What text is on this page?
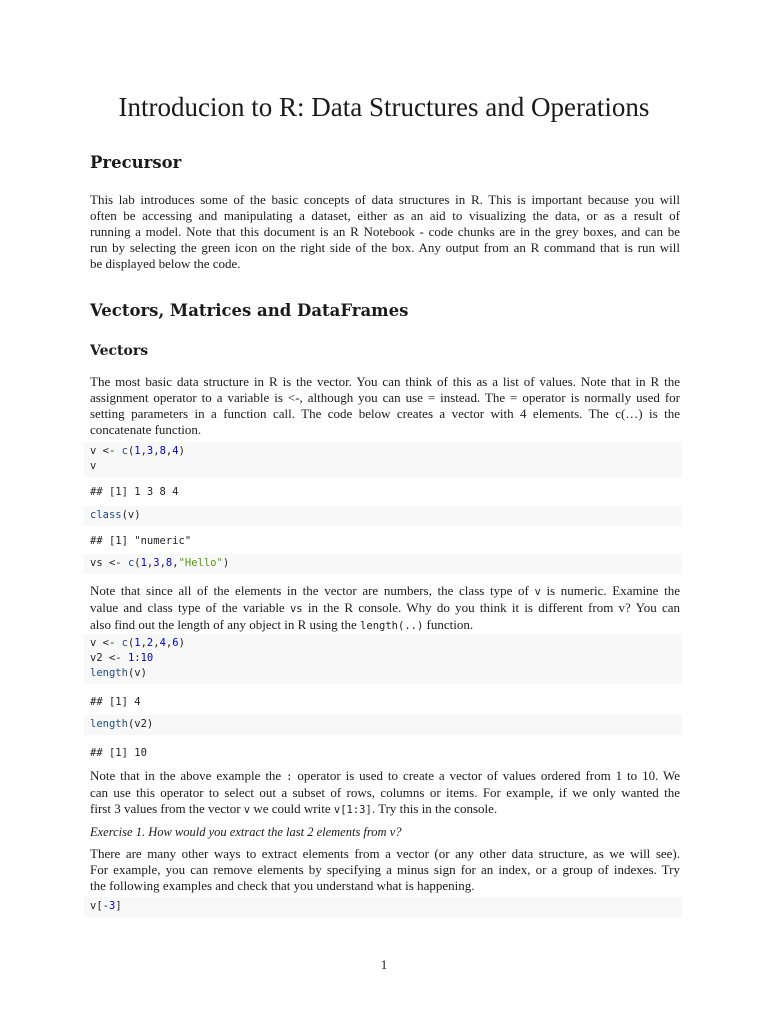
Introducion to R: Data Structures and Operations
Precursor
This lab introduces some of the basic concepts of data structures in R. This is important because you will
often be accessing and manipulating a dataset, either as an aid to visualizing the data, or as a result of
running a model. Note that this document is an R Notebook - code chunks are in the grey boxes, and can be
run by selecting the green icon on the right side of the box. Any output from an R command that is run will
be displayed below the code.
Vectors, Matrices and DataFrames
Vectors
The most basic data structure in R is the vector. You can think of this as a list of values. Note that in R the
assignment operator to a variable is <-, although you can use = instead. The = operator is normally used for
setting parameters in a function call. The code below creates a vector with 4 elements. The c(…) is the
concatenate function.
v <- c(1,3,8,4)
v
## [1] 1 3 8 4
class(v)
## [1] "numeric"
vs <- c(1,3,8,"Hello")
Note that since all of the elements in the vector are numbers, the class type of v is numeric. Examine the
value and class type of the variable vs in the R console. Why do you think it is different from v? You can
also find out the length of any object in R using the length(..) function.
v <- c(1,2,4,6)
v2 <- 1:10
length(v)
## [1] 4
length(v2)
## [1] 10
Note that in the above example the : operator is used to create a vector of values ordered from 1 to 10. We
can use this operator to select out a subset of rows, columns or items. For example, if we only wanted the
first 3 values from the vector v we could write v[1:3]. Try this in the console.
Exercise 1. How would you extract the last 2 elements from v?
There are many other ways to extract elements from a vector (or any other data structure, as we will see).
For example, you can remove elements by specifying a minus sign for an index, or a group of indexes. Try
the following examples and check that you understand what is happening.
v[-3]
1
